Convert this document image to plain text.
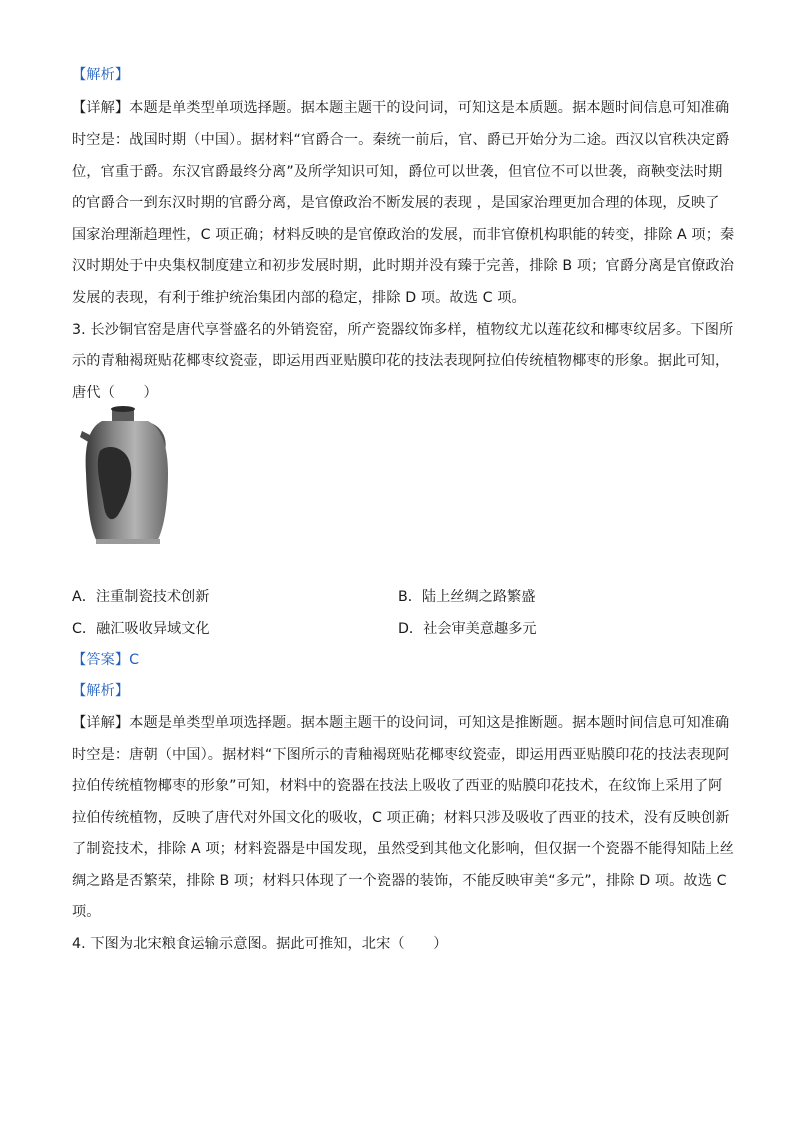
【解析】
【详解】本题是单类型单项选择题。据本题主题干的设问词，可知这是本质题。据本题时间信息可知准确
时空是：战国时期（中国）。据材料“官爵合一。秦统一前后，官、爵已开始分为二途。西汉以官秩决定爵
位，官重于爵。东汉官爵最终分离”及所学知识可知，爵位可以世袭，但官位不可以世袭，商鞅变法时期
的官爵合一到东汉时期的官爵分离，是官僚政治不断发展的表现 ，是国家治理更加合理的体现，反映了
国家治理渐趋理性，C 项正确；材料反映的是官僚政治的发展，而非官僚机构职能的转变，排除 A 项；秦
汉时期处于中央集权制度建立和初步发展时期，此时期并没有臻于完善，排除 B 项；官爵分离是官僚政治
发展的表现，有利于维护统治集团内部的稳定，排除 D 项。故选 C 项。
3. 长沙铜官窑是唐代享誉盛名的外销瓷窑，所产瓷器纹饰多样，植物纹尤以莲花纹和椰枣纹居多。下图所
示的青釉褐斑贴花椰枣纹瓷壶，即运用西亚贴膜印花的技法表现阿拉伯传统植物椰枣的形象。据此可知，
唐代（　　）
A．注重制瓷技术创新	B．陆上丝绸之路繁盛
C．融汇吸收异域文化	D．社会审美意趣多元
【答案】C
【解析】
【详解】本题是单类型单项选择题。据本题主题干的设问词，可知这是推断题。据本题时间信息可知准确
时空是：唐朝（中国）。据材料“下图所示的青釉褐斑贴花椰枣纹瓷壶，即运用西亚贴膜印花的技法表现阿
拉伯传统植物椰枣的形象”可知，材料中的瓷器在技法上吸收了西亚的贴膜印花技术，在纹饰上采用了阿
拉伯传统植物，反映了唐代对外国文化的吸收，C 项正确；材料只涉及吸收了西亚的技术，没有反映创新
了制瓷技术，排除 A 项；材料瓷器是中国发现，虽然受到其他文化影响，但仅据一个瓷器不能得知陆上丝
绸之路是否繁荣，排除 B 项；材料只体现了一个瓷器的装饰，不能反映审美“多元”，排除 D 项。故选 C
项。
4. 下图为北宋粮食运输示意图。据此可推知，北宋（　　）
